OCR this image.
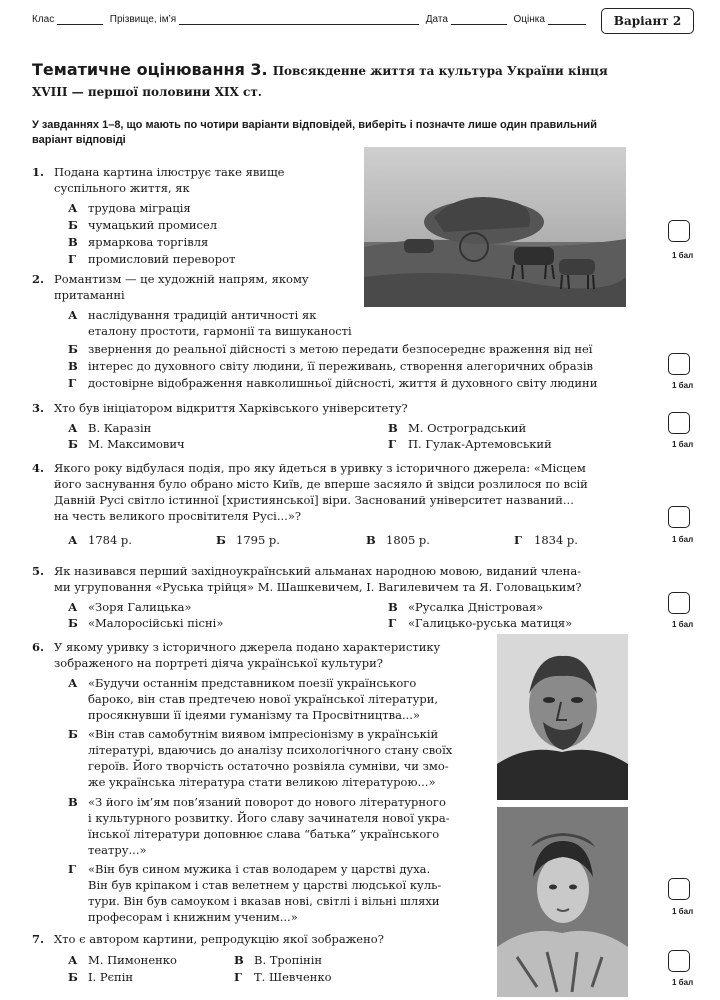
Клас	Прізвище, ім’я	Дата	Оцінка	Варіант 2
Тематичне оцінювання 3. Повсякденне життя та культура України кінця
XVIII — першої половини XIX ст.
У завданнях 1–8, що мають по чотири варіанти відповідей, виберіть і позначте лише один правильний варіант відповіді
1. Подана картина ілюструє таке явище
суспільного життя, як
А трудова міграція
Б чумацький промисел
В ярмаркова торгівля
Г промисловий переворот	1 бал
2. Романтизм — це художній напрям, якому
притаманні
А наслідування традицій античності як
еталону простоти, гармонії та вишуканості
Б звернення до реальної дійсності з метою передати безпосереднє враження від неї
В інтерес до духовного світу людини, її переживань, створення алегоричних образів
Г достовірне відображення навколишньої дійсності, життя й духовного світу людини	1 бал
3. Хто був ініціатором відкриття Харківського університету?
А В. Каразін
Б М. Максимович
В М. Остроградський
Г П. Гулак-Артемовський	1 бал
4. Якого року відбулася подія, про яку йдеться в уривку з історичного джерела: «Місцем
його заснування було обрано місто Київ, де вперше засяяло й звідси розлилося по всій
Давній Русі світло істинної [християнської] віри. Заснований університет названий...
на честь великого просвітителя Русі...»?
А 1784 р.	Б 1795 р.	В 1805 р.	Г 1834 р.	1 бал
5. Як називався перший західноукраїнський альманах народною мовою, виданий члена-
ми угруповання «Руська трійця» М. Шашкевичем, І. Вагилевичем та Я. Головацьким?
А «Зоря Галицька»
Б «Малоросійські пісні»
В «Русалка Дністровая»
Г «Галицько-руська матиця»	1 бал
6. У якому уривку з історичного джерела подано характеристику
зображеного на портреті діяча української культури?
А «Будучи останнім представником поезії українського
бароко, він став предтечею нової української літератури,
просякнувши її ідеями гуманізму та Просвітництва...»
Б «Він став самобутнім виявом імпресіонізму в українській
літературі, вдаючись до аналізу психологічного стану своїх
героїв. Його творчість остаточно розвіяла сумніви, чи змо-
же українська література стати великою літературою...»
В «З його ім’ям пов’язаний поворот до нового літературного
і культурного розвитку. Його славу зачинателя нової укра-
їнської літератури доповнює слава “батька” українського
театру...»
Г	«Він був сином мужика і став володарем у царстві духа.
Він був кріпаком і став велетнем у царстві людської куль-
тури. Він був самоуком і вказав нові, світлі і вільні шляхи
професорам і книжним ученим...»	1 бал
7. Хто є автором картини, репродукцію якої зображено?
А М. Пимоненко
Б І. Рєпін
В В. Тропінін
Г Т. Шевченко	1 бал
